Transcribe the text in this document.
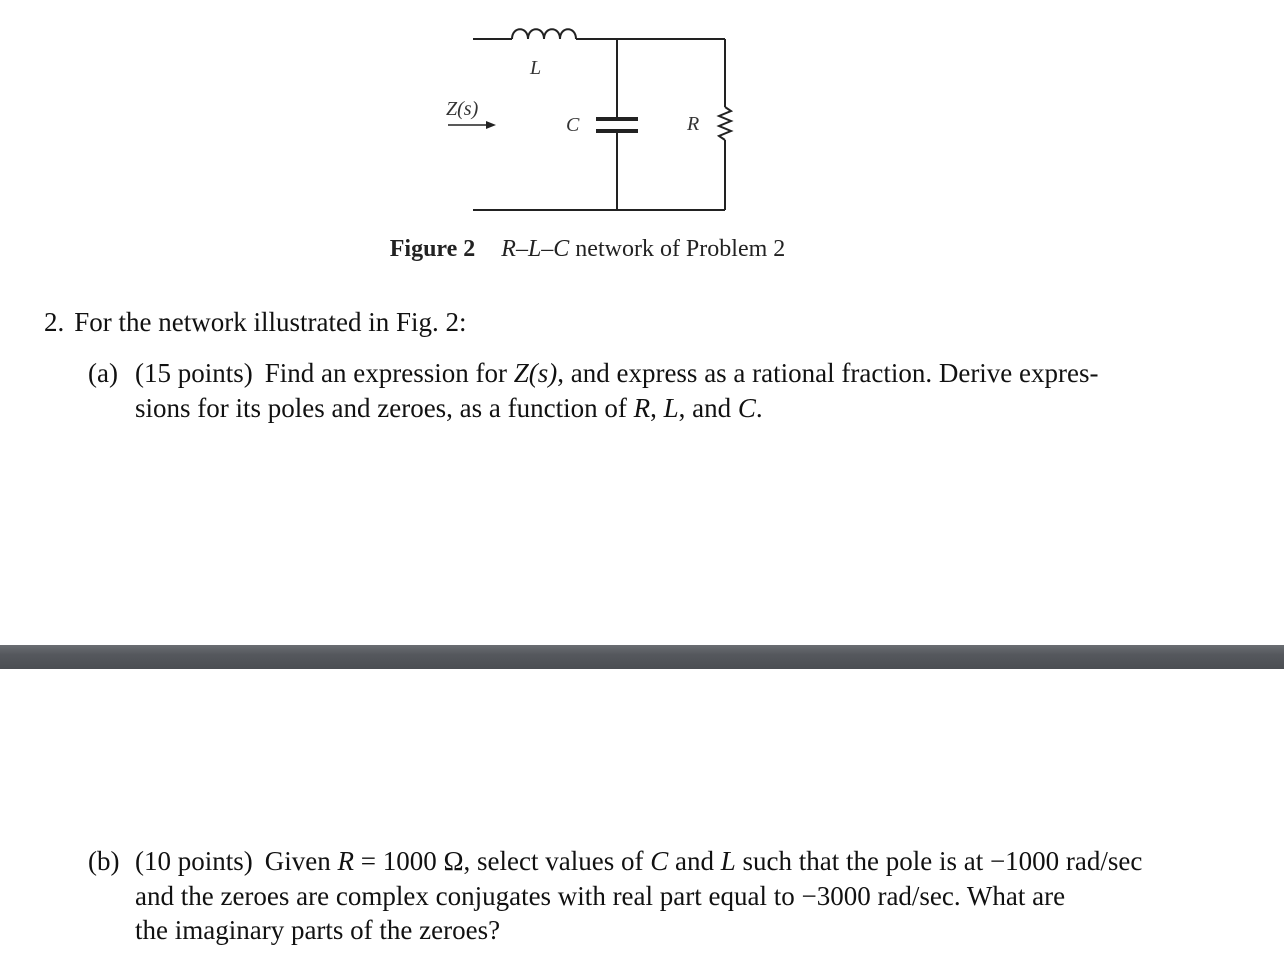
L
C	R
Z(s)
Figure 2 R–L–C network of Problem 2
2. For the network illustrated in Fig. 2:
(a) (15 points) Find an expression for Z(s), and express as a rational fraction. Derive expres-
sions for its poles and zeroes, as a function of R, L, and C.
(b) (10 points) Given R = 1000 Ω, select values of C and L such that the pole is at −1000 rad/sec
and the zeroes are complex conjugates with real part equal to −3000 rad/sec. What are
the imaginary parts of the zeroes?
